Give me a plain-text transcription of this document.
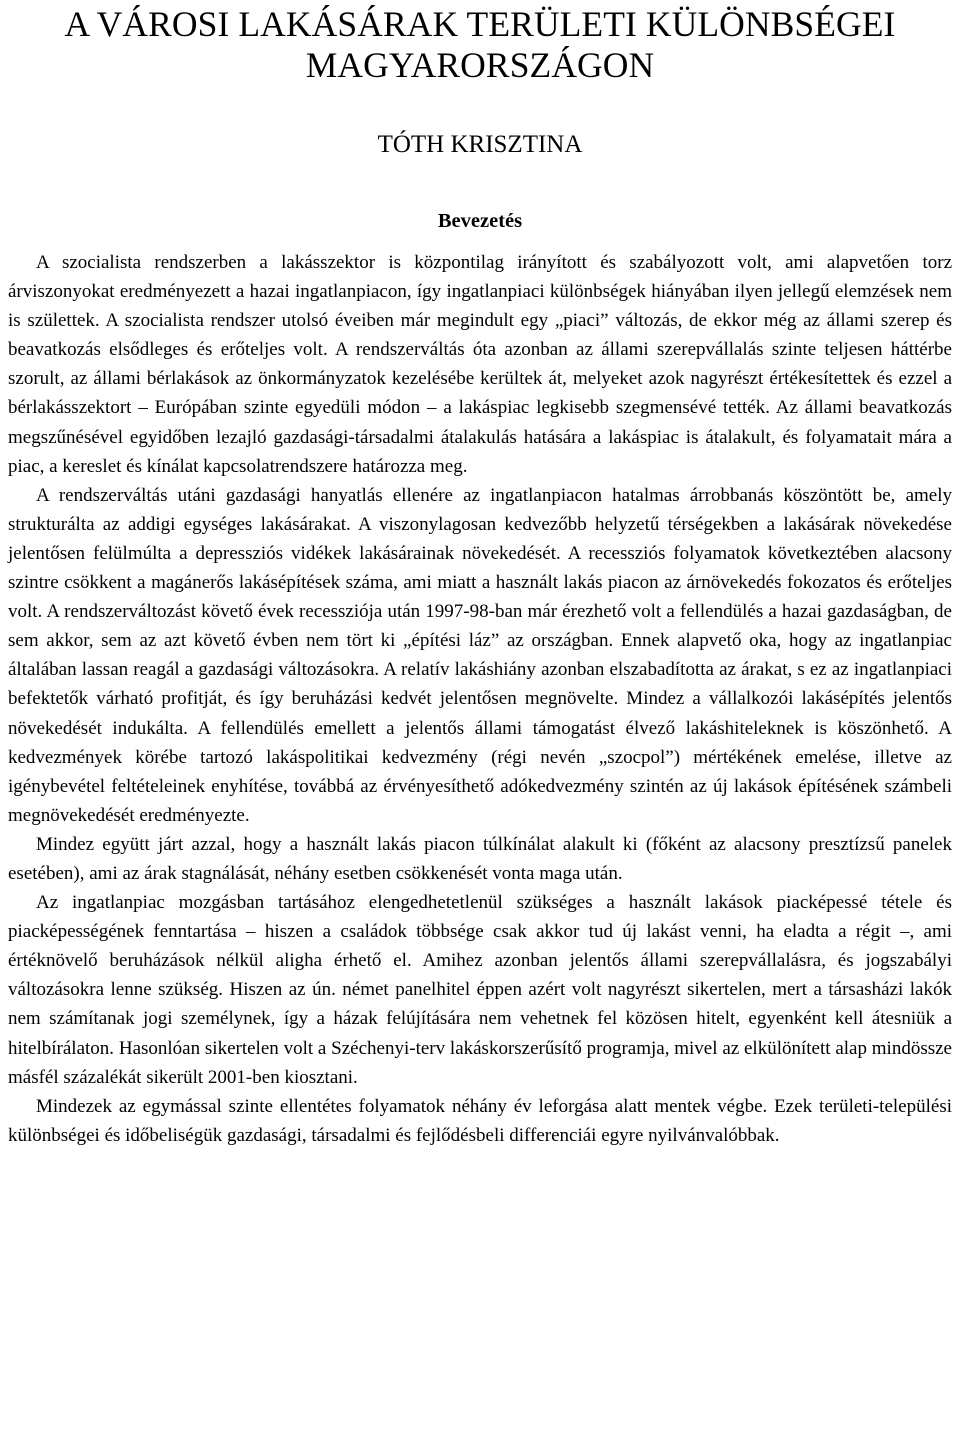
A VÁROSI LAKÁSÁRAK TERÜLETI KÜLÖNBSÉGEI MAGYARORSZÁGON
TÓTH KRISZTINA
Bevezetés

A szocialista rendszerben a lakásszektor is központilag irányított és szabályozott volt, ami alapvetően torz árviszonyokat eredményezett a hazai ingatlanpiacon, így ingatlanpiaci különbségek hiányában ilyen jellegű elemzések nem is születtek. A szocialista rendszer utolsó éveiben már megindult egy „piaci” változás, de ekkor még az állami szerep és beavatkozás elsődleges és erőteljes volt. A rendszerváltás óta azonban az állami szerepvállalás szinte teljesen háttérbe szorult, az állami bérlakások az önkormányzatok kezelésébe kerültek át, melyeket azok nagyrészt értékesítettek és ezzel a bérlakásszektort – Európában szinte egyedüli módon – a lakáspiac legkisebb szegmensévé tették. Az állami beavatkozás megszűnésével egyidőben lezajló gazdasági-társadalmi átalakulás hatására a lakáspiac is átalakult, és folyamatait mára a piac, a kereslet és kínálat kapcsolatrendszere határozza meg.

A rendszerváltás utáni gazdasági hanyatlás ellenére az ingatlanpiacon hatalmas árrobbanás köszöntött be, amely strukturálta az addigi egységes lakásárakat. A viszonylagosan kedvezőbb helyzetű térségekben a lakásárak növekedése jelentősen felülmúlta a depressziós vidékek lakásárainak növekedését. A recessziós folyamatok következtében alacsony szintre csökkent a magánerős lakásépítések száma, ami miatt a használt lakás piacon az árnövekedés fokozatos és erőteljes volt. A rendszerváltozást követő évek recessziója után 1997-98-ban már érezhető volt a fellendülés a hazai gazdaságban, de sem akkor, sem az azt követő évben nem tört ki „építési láz” az országban. Ennek alapvető oka, hogy az ingatlanpiac általában lassan reagál a gazdasági változásokra. A relatív lakáshiány azonban elszabadította az árakat, s ez az ingatlanpiaci befektetők várható profitját, és így beruházási kedvét jelentősen megnövelte. Mindez a vállalkozói lakásépítés jelentős növekedését indukálta. A fellendülés emellett a jelentős állami támogatást élvező lakáshiteleknek is köszönhető. A kedvezmények körébe tartozó lakáspolitikai kedvezmény (régi nevén „szocpol”) mértékének emelése, illetve az igénybevétel feltételeinek enyhítése, továbbá az érvényesíthető adókedvezmény szintén az új lakások építésének számbeli megnövekedését eredményezte.

Mindez együtt járt azzal, hogy a használt lakás piacon túlkínálat alakult ki (főként az alacsony presztízsű panelek esetében), ami az árak stagnálását, néhány esetben csökkenését vonta maga után.

Az ingatlanpiac mozgásban tartásához elengedhetetlenül szükséges a használt lakások piacképessé tétele és piacképességének fenntartása – hiszen a családok többsége csak akkor tud új lakást venni, ha eladta a régit –, ami értéknövelő beruházások nélkül aligha érhető el. Amihez azonban jelentős állami szerepvállalásra, és jogszabályi változásokra lenne szükség. Hiszen az ún. német panelhitel éppen azért volt nagyrészt sikertelen, mert a társasházi lakók nem számítanak jogi személynek, így a házak felújítására nem vehetnek fel közösen hitelt, egyenként kell átesniük a hitelbírálaton. Hasonlóan sikertelen volt a Széchenyi-terv lakáskorszerűsítő programja, mivel az elkülönített alap mindössze másfél százalékát sikerült 2001-ben kiosztani.

Mindezek az egymással szinte ellentétes folyamatok néhány év leforgása alatt mentek végbe. Ezek területi-települési különbségei és időbeliségük gazdasági, társadalmi és fejlődésbeli differenciái egyre nyilvánvalóbbak.
